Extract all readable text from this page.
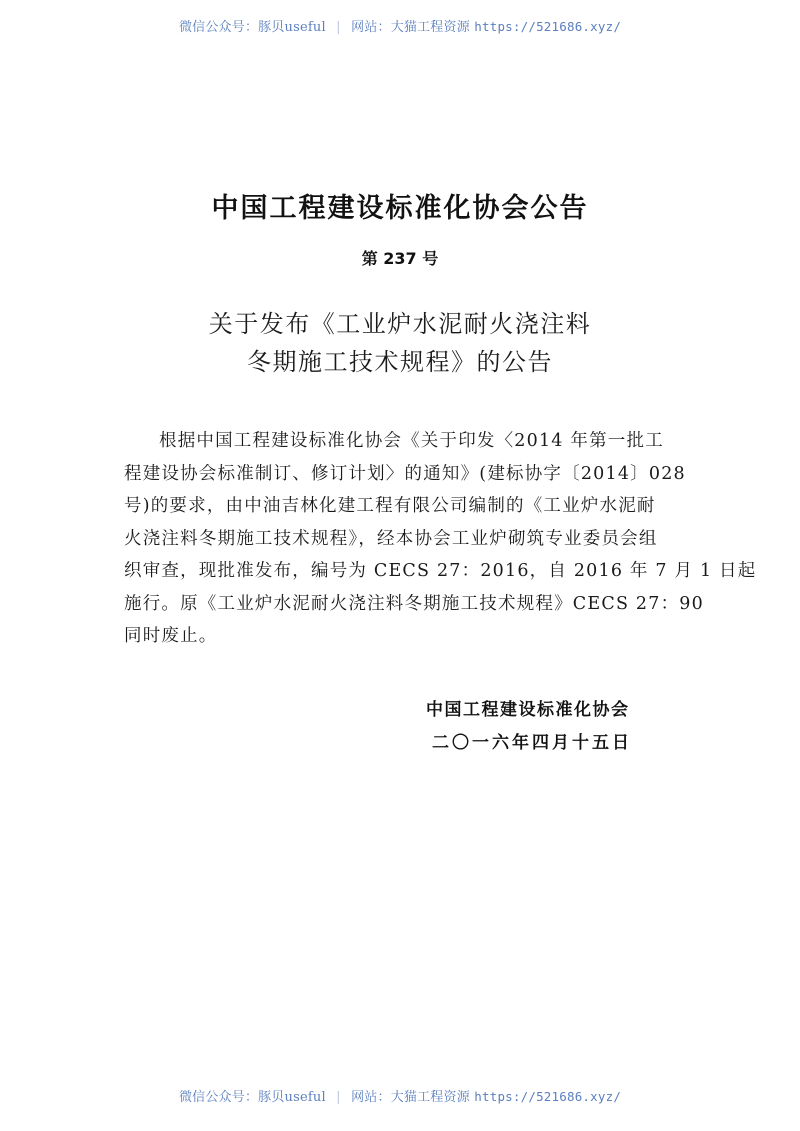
微信公众号：豚贝useful | 网站：大猫工程资源 https://521686.xyz/
中国工程建设标准化协会公告
第 237 号
关于发布《工业炉水泥耐火浇注料
冬期施工技术规程》的公告
根据中国工程建设标准化协会《关于印发〈2014 年第一批工
程建设协会标准制订、修订计划〉的通知》(建标协字〔2014〕028
号)的要求，由中油吉林化建工程有限公司编制的《工业炉水泥耐
火浇注料冬期施工技术规程》，经本协会工业炉砌筑专业委员会组
织审查，现批准发布，编号为 CECS 27：2016，自 2016 年 7 月 1 日起
施行。原《工业炉水泥耐火浇注料冬期施工技术规程》CECS 27：90
同时废止。
中国工程建设标准化协会
二〇一六年四月十五日
微信公众号：豚贝useful | 网站：大猫工程资源 https://521686.xyz/
